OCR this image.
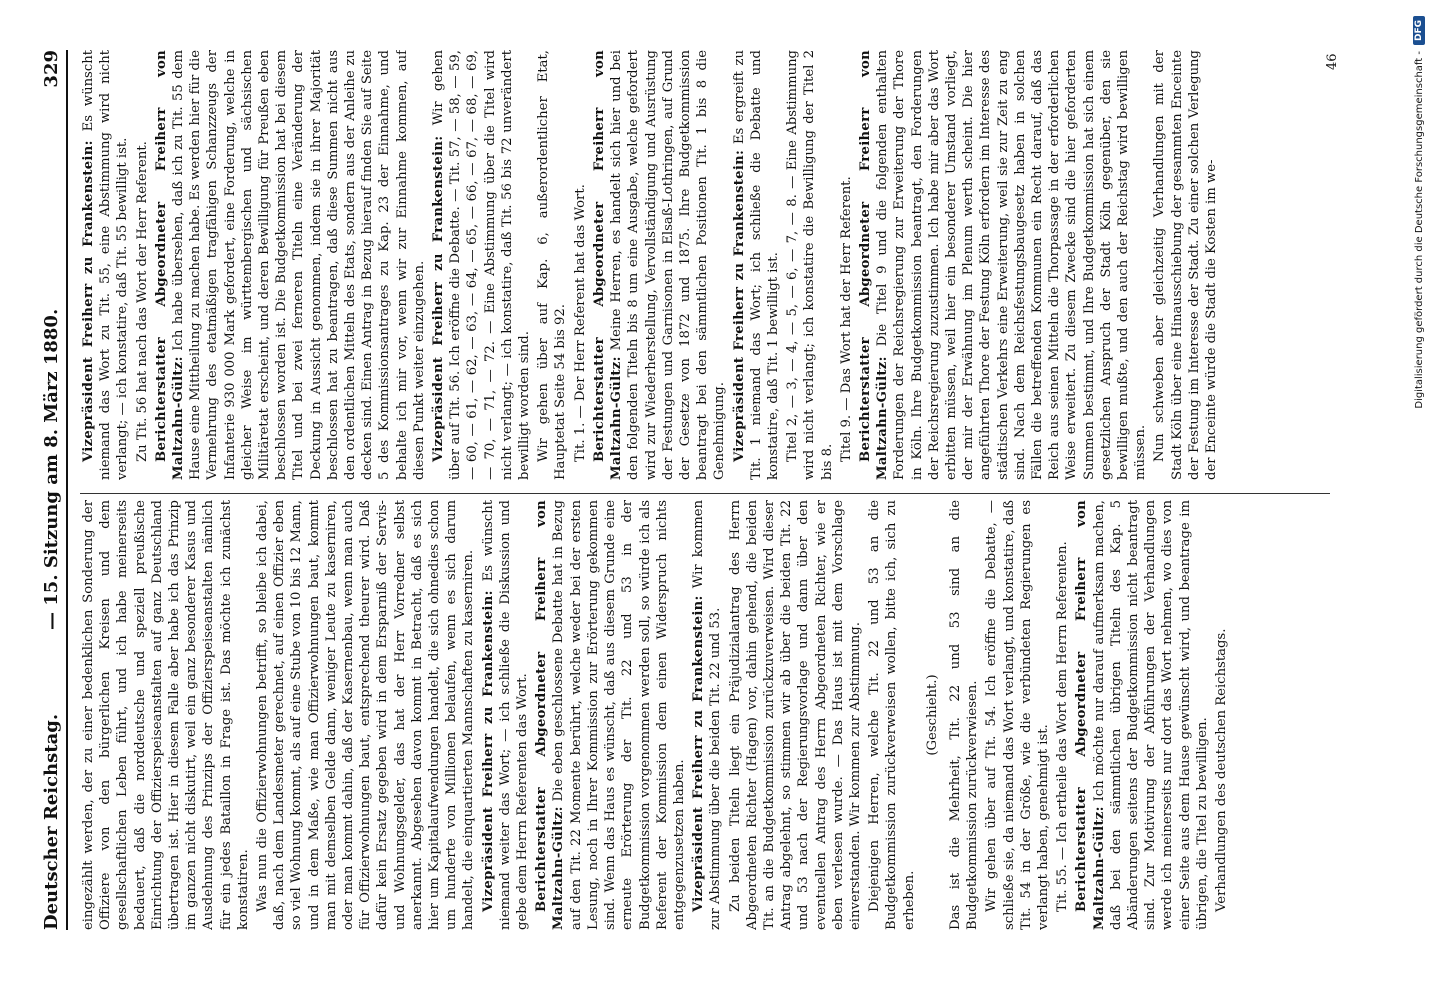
Deutscher Reichstag.
— 15. Sitzung am 8. März 1880.
329

eingezählt werden, der zu einer bedenklichen Sonderung der Offiziere von den bürgerlichen Kreisen und dem gesellschaftlichen Leben führt, und ich habe meinerseits bedauert, daß die norddeutsche und speziell preußische Einrichtung der Offizierspeiseanstalten auf ganz Deutschland übertragen ist. Hier in diesem Falle aber habe ich das Prinzip im ganzen nicht diskutirt, weil ein ganz besonderer Kasus und Ausdehnung des Prinzips der Offizierspeiseanstalten nämlich für ein jedes Bataillon in Frage ist. Das möchte ich zunächst konstatiren. Was nun die Offizierwohnungen betrifft, so bleibe ich dabei, daß, nach dem Landesmeter gerechnet, auf einen Offizier eben so viel Wohnung kommt, als auf eine Stube von 10 bis 12 Mann, und in dem Maße, wie man Offizierwohnungen baut, kommt man mit demselben Gelde dann, weniger Leute zu kaserniren, oder man kommt dahin, daß der Kasernenbau, wenn man auch für Offizierwohnungen baut, entsprechend theurer wird. Daß dafür kein Ersatz gegeben wird in dem Ersparniß der Servis- und Wohnungsgelder, das hat der Herr Vorredner selbst anerkannt. Abgesehen davon kommt in Betracht, daß es sich hier um Kapitalaufwendungen handelt, die sich ohnedies schon um hunderte von Millionen belaufen, wenn es sich darum handelt, die einquartierten Mannschaften zu kaserniren. Vizepräsident Freiherr zu Frankenstein: Es wünscht niemand weiter das Wort; — ich schließe die Diskussion und gebe dem Herrn Referenten das Wort. Berichterstatter Abgeordneter Freiherr von Maltzahn-Gültz: Die eben geschlossene Debatte hat in Bezug auf den Tit. 22 Momente berührt, welche weder bei der ersten Lesung, noch in Ihrer Kommission zur Erörterung gekommen sind. Wenn das Haus es wünscht, daß aus diesem Grunde eine erneute Erörterung der Tit. 22 und 53 in der Budgetkommission vorgenommen werden soll, so würde ich als Referent der Kommission dem einen Widerspruch nichts entgegenzusetzen haben. Vizepräsident Freiherr zu Frankenstein: Wir kommen zur Abstimmung über die beiden Tit. 22 und 53. Zu beiden Titeln liegt ein Präjudizialantrag des Herrn Abgeordneten Richter (Hagen) vor, dahin gehend, die beiden Tit. an die Budgetkommission zurückzuverweisen. Wird dieser Antrag abgelehnt, so stimmen wir ab über die beiden Tit. 22 und 53 nach der Regierungsvorlage und dann über den eventuellen Antrag des Herrn Abgeordneten Richter, wie er eben verlesen wurde. — Das Haus ist mit dem Vorschlage einverstanden. Wir kommen zur Abstimmung. Diejenigen Herren, welche Tit. 22 und 53 an die Budgetkommission zurückverweisen wollen, bitte ich, sich zu erheben.

(Geschieht.) Das ist die Mehrheit, Tit. 22 und 53 sind an die Budgetkommission zurückverwiesen. Wir gehen über auf Tit. 54. Ich eröffne die Debatte, — schließe sie, da niemand das Wort verlangt, und konstatire, daß Tit. 54 in der Größe, wie die verbündeten Regierungen es verlangt haben, genehmigt ist. Tit. 55. — Ich ertheile das Wort dem Herrn Referenten. Berichterstatter Abgeordneter Freiherr von Maltzahn-Gültz: Ich möchte nur darauf aufmerksam machen, daß bei den sämmtlichen übrigen Titeln des Kap. 5 Abänderungen seitens der Budgetkommission nicht beantragt sind. Zur Motivirung der Abführungen der Verhandlungen werde ich meinerseits nur dort das Wort nehmen, wo dies von einer Seite aus dem Hause gewünscht wird, und beantrage im übrigen, die Titel zu bewilligen. Verhandlungen des deutschen Reichstags.

Vizepräsident Freiherr zu Frankenstein: Es wünscht niemand das Wort zu Tit. 55, eine Abstimmung wird nicht verlangt; — ich konstatire, daß Tit. 55 bewilligt ist. Zu Tit. 56 hat nach das Wort der Herr Referent. Berichterstatter Abgeordneter Freiherr von Maltzahn-Gültz: Ich habe übersehen, daß ich zu Tit. 55 dem Hause eine Mittheilung zu machen habe. Es werden hier für die Vermehrung des etatmäßigen tragfähigen Schanzzeugs der Infanterie 930 000 Mark gefordert, eine Forderung, welche in gleicher Weise im württembergischen und sächsischen Militäretat erscheint, und deren Bewilligung für Preußen eben beschlossen worden ist. Die Budgetkommission hat bei diesem Titel und bei zwei ferneren Titeln eine Veränderung der Deckung in Aussicht genommen, indem sie in ihrer Majorität beschlossen hat zu beantragen, daß diese Summen nicht aus den ordentlichen Mitteln des Etats, sondern aus der Anleihe zu decken sind. Einen Antrag in Bezug hierauf finden Sie auf Seite 5 des Kommissionsantrages zu Kap. 23 der Einnahme, und behalte ich mir vor, wenn wir zur Einnahme kommen, auf diesen Punkt weiter einzugehen. Vizepräsident Freiherr zu Frankenstein: Wir gehen über auf Tit. 56. Ich eröffne die Debatte. — Tit. 57, — 58, — 59, — 60, — 61, — 62, — 63, — 64, — 65, — 66, — 67, — 68, — 69, — 70, — 71, — 72. — Eine Abstimmung über die Titel wird nicht verlangt; — ich konstatire, daß Tit. 56 bis 72 unverändert bewilligt worden sind. Wir gehen über auf Kap. 6, außerordentlicher Etat, Hauptetat Seite 54 bis 92. Tit. 1. — Der Herr Referent hat das Wort. Berichterstatter Abgeordneter Freiherr von Maltzahn-Gültz: Meine Herren, es handelt sich hier und bei den folgenden Titeln bis 8 um eine Ausgabe, welche gefordert wird zur Wiederherstellung, Vervollständigung und Ausrüstung der Festungen und Garnisonen in Elsaß-Lothringen, auf Grund der Gesetze von 1872 und 1875. Ihre Budgetkommission beantragt bei den sämmtlichen Positionen Tit. 1 bis 8 die Genehmigung. Vizepräsident Freiherr zu Frankenstein: Es ergreift zu Tit. 1 niemand das Wort; ich schließe die Debatte und konstatire, daß Tit. 1 bewilligt ist. Titel 2, — 3, — 4, — 5, — 6, — 7, — 8. — Eine Abstimmung wird nicht verlangt; ich konstatire die Bewilligung der Titel 2 bis 8. Titel 9. — Das Wort hat der Herr Referent. Berichterstatter Abgeordneter Freiherr von Maltzahn-Gültz: Die Titel 9 und die folgenden enthalten Forderungen der Reichsregierung zur Erweiterung der Thore in Köln. Ihre Budgetkommission beantragt, den Forderungen der Reichsregierung zuzustimmen. Ich habe mir aber das Wort erbitten müssen, weil hier ein besonderer Umstand vorliegt, der mir der Erwähnung im Plenum werth scheint. Die hier angeführten Thore der Festung Köln erfordern im Interesse des städtischen Verkehrs eine Erweiterung, weil sie zur Zeit zu eng sind. Nach dem Reichsfestungsbaugesetz haben in solchen Fällen die betreffenden Kommunen ein Recht darauf, daß das Reich aus seinen Mitteln die Thorpassage in der erforderlichen Weise erweitert. Zu diesem Zwecke sind die hier geforderten Summen bestimmt, und Ihre Budgetkommission hat sich einem gesetzlichen Anspruch der Stadt Köln gegenüber, den sie bewilligen mußte, und den auch der Reichstag wird bewilligen müssen. Nun schweben aber gleichzeitig Verhandlungen mit der Stadt Köln über eine Hinausschiebung der gesammten Enceinte der Festung im Interesse der Stadt. Zu einer solchen Verlegung der Enceinte würde die Stadt die Kosten im we-

46	Digitalisierung gefördert durch die Deutsche Forschungsgemeinschaft -
DFG
